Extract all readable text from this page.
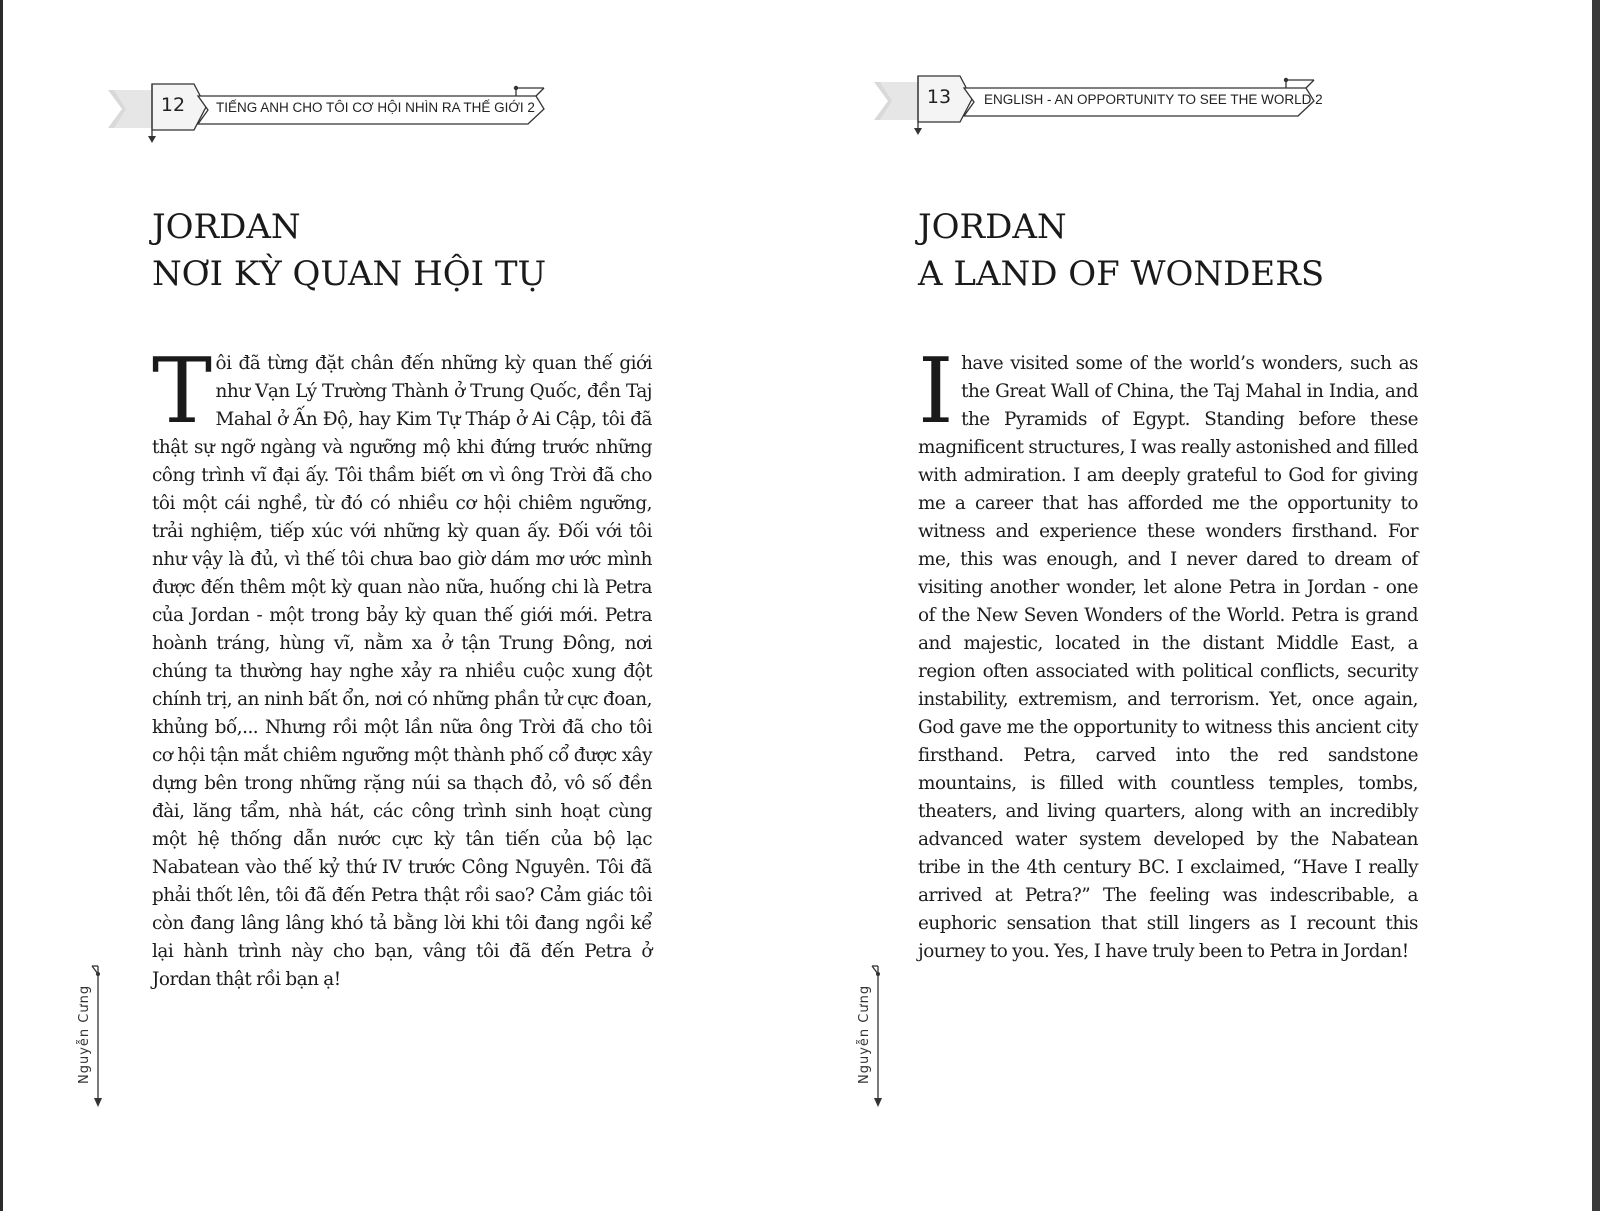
12	TIẾNG ANH CHO TÔI CƠ HỘI NHÌN RA THẾ GIỚI 2
JORDAN
NƠI KỲ QUAN HỘI TỤ

Tôi đã từng đặt chân đến những kỳ quan thế giới như Vạn Lý Trường Thành ở Trung Quốc, đền Taj Mahal ở Ấn Độ, hay Kim Tự Tháp ở Ai Cập, tôi đã thật sự ngỡ ngàng và ngưỡng mộ khi đứng trước những công trình vĩ đại ấy. Tôi thầm biết ơn vì ông Trời đã cho tôi một cái nghề, từ đó có nhiều cơ hội chiêm ngưỡng, trải nghiệm, tiếp xúc với những kỳ quan ấy. Đối với tôi như vậy là đủ, vì thế tôi chưa bao giờ dám mơ ước mình được đến thêm một kỳ quan nào nữa, huống chi là Petra của Jordan - một trong bảy kỳ quan thế giới mới. Petra hoành tráng, hùng vĩ, nằm xa ở tận Trung Đông, nơi chúng ta thường hay nghe xảy ra nhiều cuộc xung đột chính trị, an ninh bất ổn, nơi có những phần tử cực đoan, khủng bố,... Nhưng rồi một lần nữa ông Trời đã cho tôi cơ hội tận mắt chiêm ngưỡng một thành phố cổ được xây dựng bên trong những rặng núi sa thạch đỏ, vô số đền đài, lăng tẩm, nhà hát, các công trình sinh hoạt cùng một hệ thống dẫn nước cực kỳ tân tiến của bộ lạc Nabatean vào thế kỷ thứ IV trước Công Nguyên. Tôi đã phải thốt lên, tôi đã đến Petra thật rồi sao? Cảm giác tôi còn đang lâng lâng khó tả bằng lời khi tôi đang ngồi kể lại hành trình này cho bạn, vâng tôi đã đến Petra ở Jordan thật rồi bạn ạ!

Nguyễn Cưng
13	ENGLISH - AN OPPORTUNITY TO SEE THE WORLD 2
JORDAN
A LAND OF WONDERS

Ihave visited some of the world’s wonders, such as the Great Wall of China, the Taj Mahal in India, and the Pyramids of Egypt. Standing before these magnificent structures, I was really astonished and filled with admiration. I am deeply grateful to God for giving me a career that has afforded me the opportunity to witness and experience these wonders firsthand. For me, this was enough, and I never dared to dream of visiting another wonder, let alone Petra in Jordan - one of the New Seven Wonders of the World. Petra is grand and majestic, located in the distant Middle East, a region often associated with political conflicts, security instability, extremism, and terrorism. Yet, once again, God gave me the opportunity to witness this ancient city firsthand. Petra, carved into the red sandstone mountains, is filled with countless temples, tombs, theaters, and living quarters, along with an incredibly advanced water system developed by the Nabatean tribe in the 4th century BC. I exclaimed, “Have I really arrived at Petra?” The feeling was indescribable, a euphoric sensation that still lingers as I recount this journey to you. Yes, I have truly been to Petra in Jordan!

Nguyễn Cưng
